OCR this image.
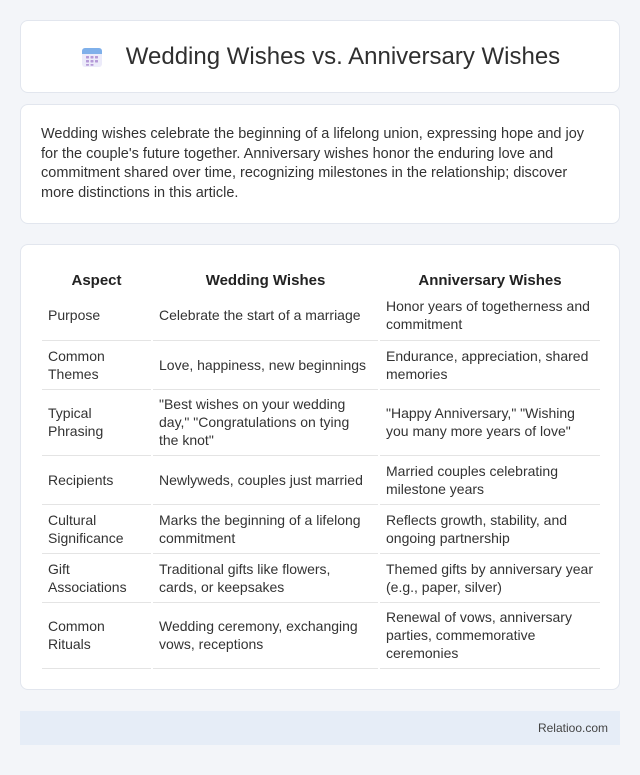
Wedding Wishes vs. Anniversary Wishes

Wedding wishes celebrate the beginning of a lifelong union, expressing hope and joy for the couple's future together. Anniversary wishes honor the enduring love and commitment shared over time, recognizing milestones in the relationship; discover more distinctions in this article.

Aspect	Wedding Wishes	Anniversary Wishes
Purpose	Celebrate the start of a marriage	Honor years of togetherness and commitment
Common Themes	Love, happiness, new beginnings	Endurance, appreciation, shared memories
Typical Phrasing	"Best wishes on your wedding day," "Congratulations on tying the knot"	"Happy Anniversary," "Wishing you many more years of love"
Recipients	Newlyweds, couples just married	Married couples celebrating milestone years
Cultural Significance	Marks the beginning of a lifelong commitment	Reflects growth, stability, and ongoing partnership
Gift Associations	Traditional gifts like flowers, cards, or keepsakes	Themed gifts by anniversary year (e.g., paper, silver)
Common Rituals	Wedding ceremony, exchanging vows, receptions	Renewal of vows, anniversary parties, commemorative ceremonies
Relatioo.com
